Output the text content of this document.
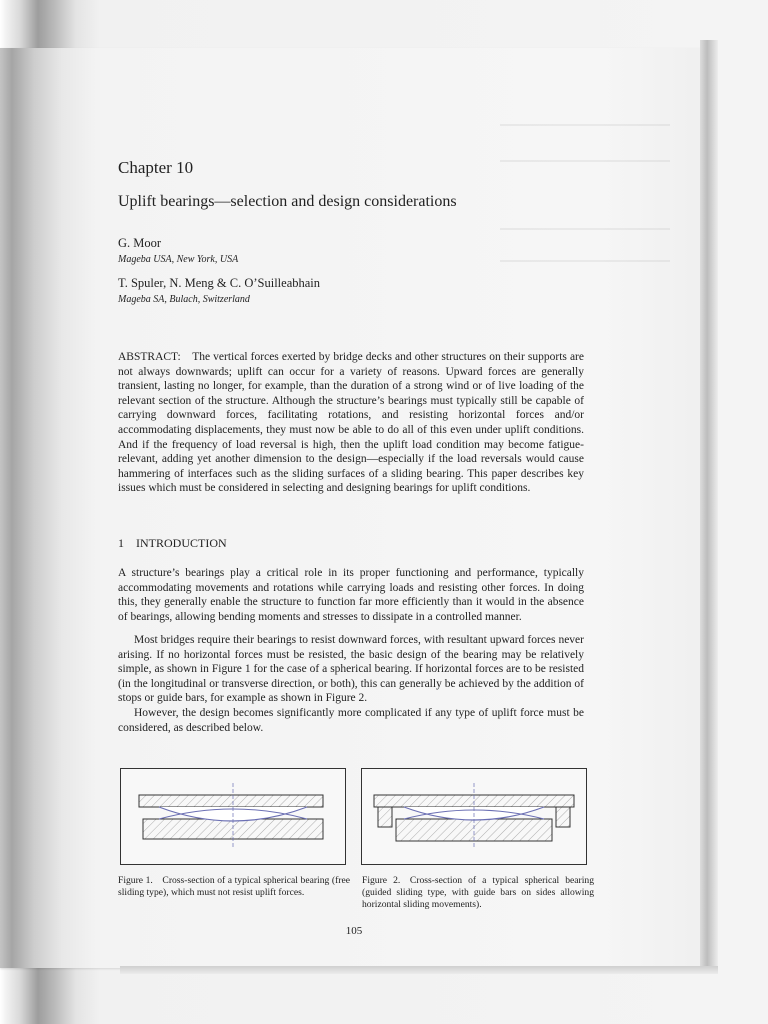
Chapter 10
Uplift bearings—selection and design considerations
G. Moor
Mageba USA, New York, USA
T. Spuler, N. Meng & C. O’Suilleabhain
Mageba SA, Bulach, Switzerland

ABSTRACT: The vertical forces exerted by bridge decks and other structures on their supports are not always downwards; uplift can occur for a variety of reasons. Upward forces are generally transient, lasting no longer, for example, than the duration of a strong wind or of live loading of the relevant section of the structure. Although the structure’s bearings must typically still be capable of carrying downward forces, facilitating rotations, and resisting horizontal forces and/or accommodating displacements, they must now be able to do all of this even under uplift conditions. And if the frequency of load reversal is high, then the uplift load condition may become fatigue-relevant, adding yet another dimension to the design—especially if the load reversals would cause hammering of interfaces such as the sliding surfaces of a sliding bearing. This paper describes key issues which must be considered in selecting and designing bearings for uplift conditions.

1 INTRODUCTION

A structure’s bearings play a critical role in its proper functioning and performance, typically accommodating movements and rotations while carrying loads and resisting other forces. In doing this, they generally enable the structure to function far more efficiently than it would in the absence of bearings, allowing bending moments and stresses to dissipate in a controlled manner.

Most bridges require their bearings to resist downward forces, with resultant upward forces never arising. If no horizontal forces must be resisted, the basic design of the bearing may be relatively simple, as shown in Figure 1 for the case of a spherical bearing. If horizontal forces are to be resisted (in the longitudinal or transverse direction, or both), this can generally be achieved by the addition of stops or guide bars, for example as shown in Figure 2.

However, the design becomes significantly more complicated if any type of uplift force must be considered, as described below.

Figure 1. Cross-section of a typical spherical bearing (free sliding type), which must not resist uplift forces.

Figure 2. Cross-section of a typical spherical bearing (guided sliding type, with guide bars on sides allowing horizontal sliding movements).

105
